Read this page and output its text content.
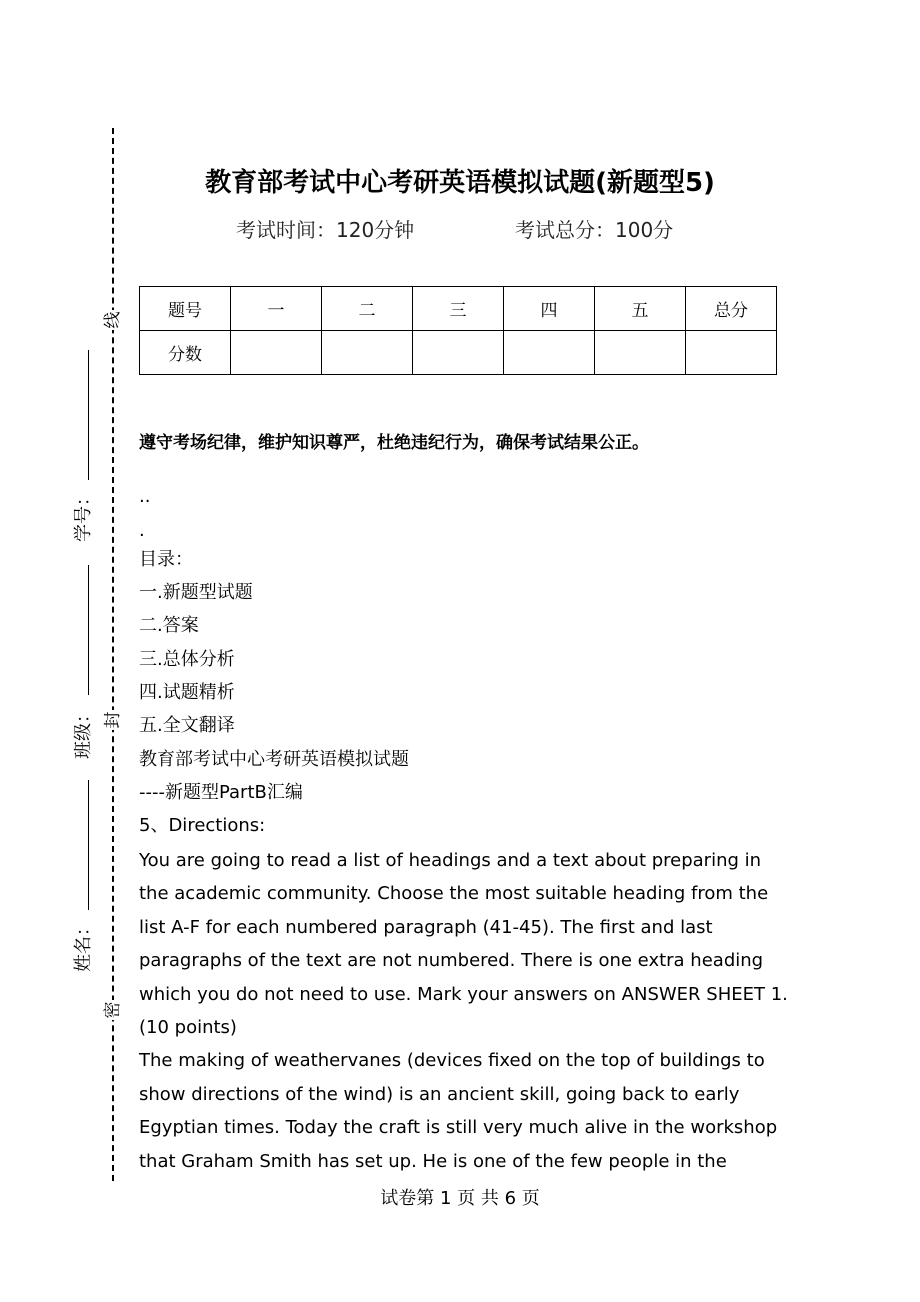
线
封
密
学号：
班级：
姓名：
教育部考试中心考研英语模拟试题(新题型5)
考试时间：120分钟	考试总分：100分
题号	一	二	三	四	五	总分
分数						
遵守考场纪律，维护知识尊严，杜绝违纪行为，确保考试结果公正。
..
.
目录：
一.新题型试题
二.答案
三.总体分析
四.试题精析
五.全文翻译
教育部考试中心考研英语模拟试题
----新题型PartB汇编
5、Directions:
You are going to read a list of headings and a text about preparing in
the academic community. Choose the most suitable heading from the
list A-F for each numbered paragraph (41-45). The first and last
paragraphs of the text are not numbered. There is one extra heading
which you do not need to use. Mark your answers on ANSWER SHEET 1.
(10 points)
The making of weathervanes (devices fixed on the top of buildings to
show directions of the wind) is an ancient skill, going back to early
Egyptian times. Today the craft is still very much alive in the workshop
that Graham Smith has set up. He is one of the few people in the
试卷第 1 页 共 6 页
